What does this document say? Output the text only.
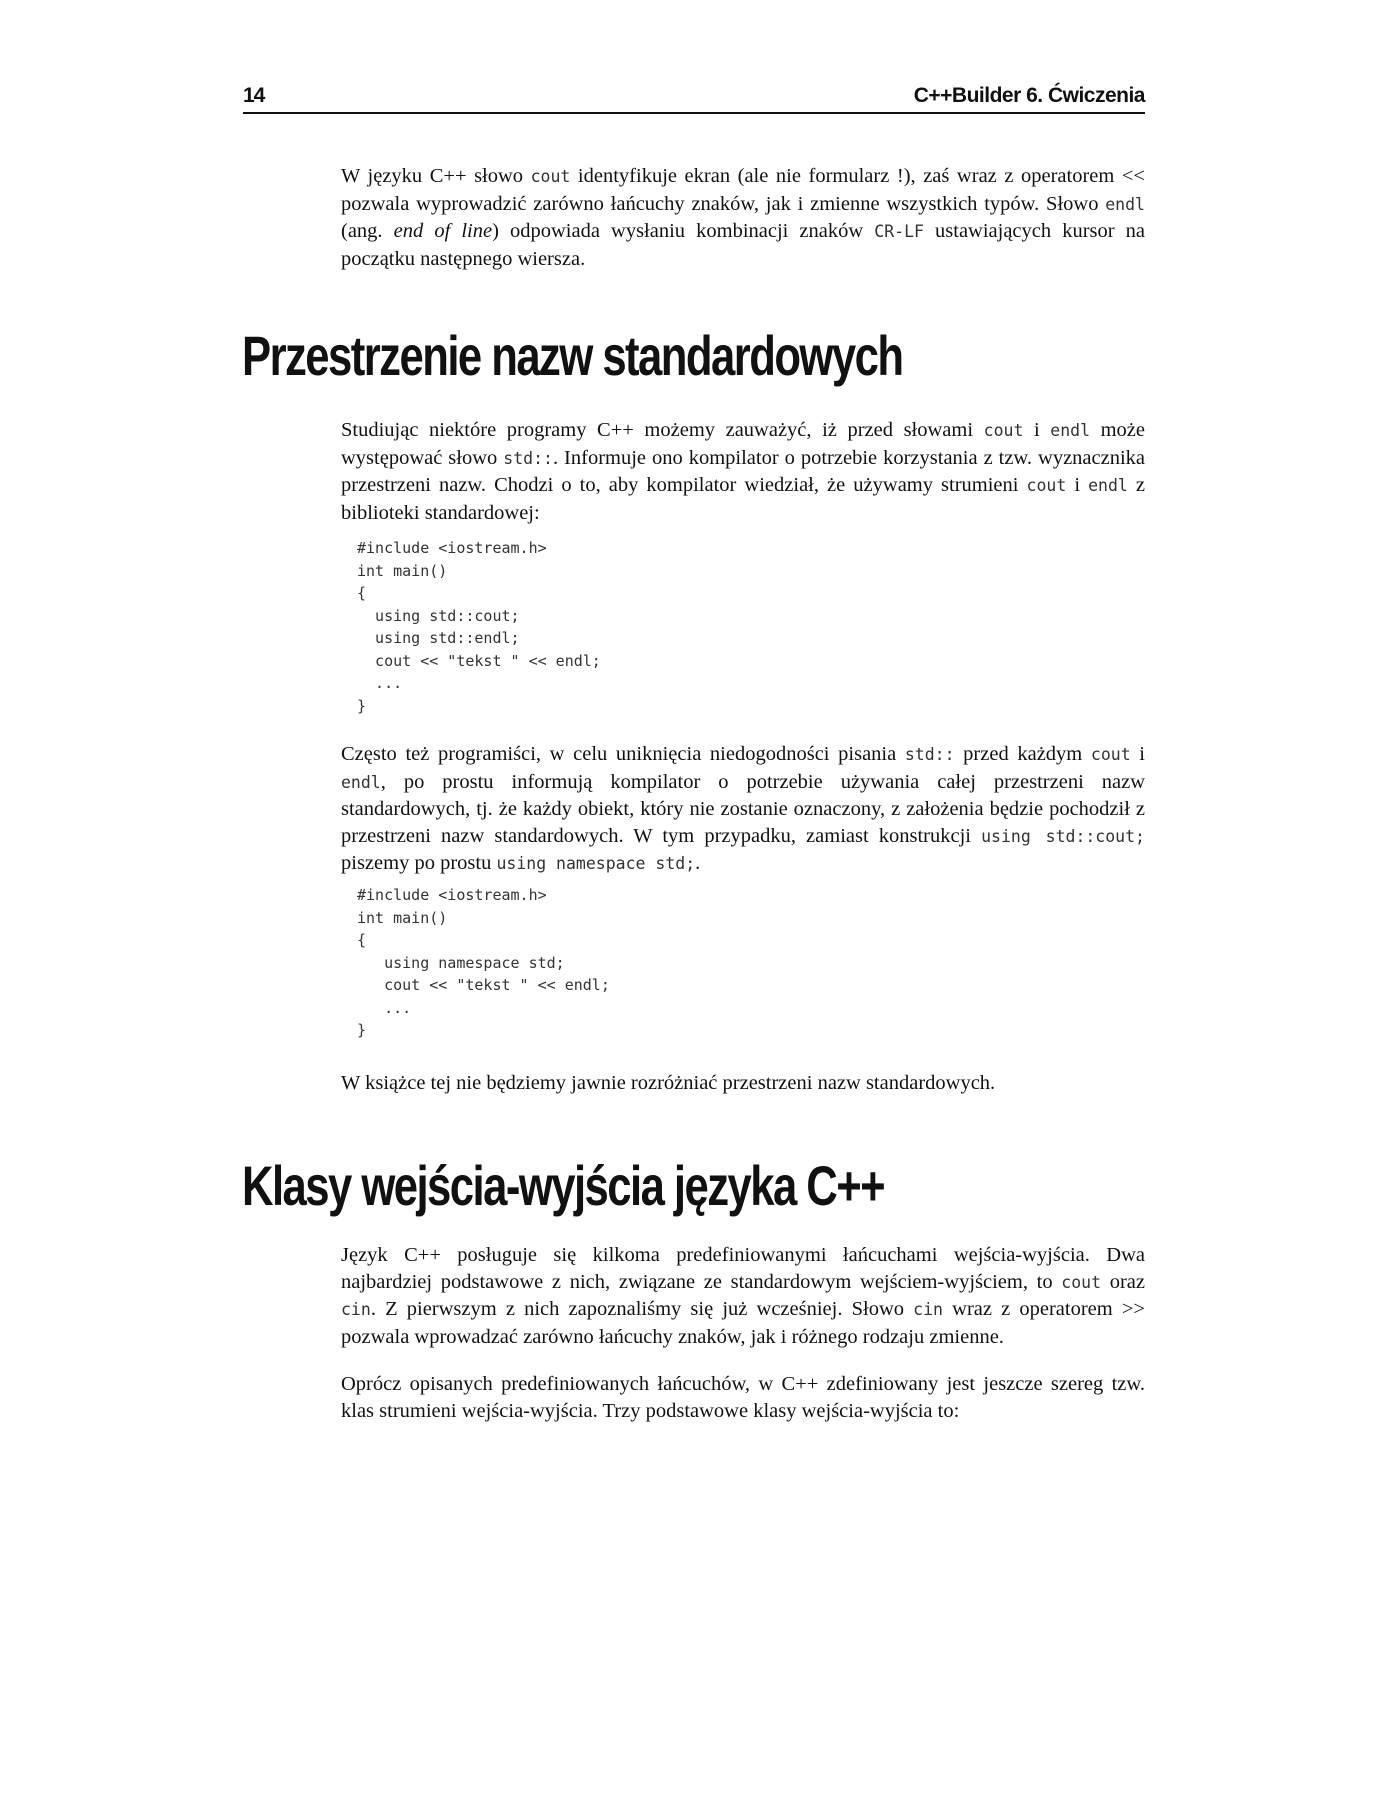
14	C++Builder 6. Ćwiczenia

W języku C++ słowo cout identyfikuje ekran (ale nie formularz !), zaś wraz z operatorem << pozwala wyprowadzić zarówno łańcuchy znaków, jak i zmienne wszystkich typów. Słowo endl (ang. end of line) odpowiada wysłaniu kombinacji znaków CR-LF ustawiających kursor na początku następnego wiersza.

Przestrzenie nazw standardowych

Studiując niektóre programy C++ możemy zauważyć, iż przed słowami cout i endl może występować słowo std::. Informuje ono kompilator o potrzebie korzystania z tzw. wyznacznika przestrzeni nazw. Chodzi o to, aby kompilator wiedział, że używamy strumieni cout i endl z biblioteki standardowej:

#include <iostream.h>
int main()
{
using std::cout;
using std::endl;
cout << "tekst " << endl;
...
}

Często też programiści, w celu uniknięcia niedogodności pisania std:: przed każdym cout i endl, po prostu informują kompilator o potrzebie używania całej przestrzeni nazw standardowych, tj. że każdy obiekt, który nie zostanie oznaczony, z założenia będzie pochodził z przestrzeni nazw standardowych. W tym przypadku, zamiast konstrukcji using std::cout; piszemy po prostu using namespace std;.

#include <iostream.h>
int main()
{
using namespace std;
cout << "tekst " << endl;
...
}

W książce tej nie będziemy jawnie rozróżniać przestrzeni nazw standardowych.

Klasy wejścia-wyjścia języka C++

Język C++ posługuje się kilkoma predefiniowanymi łańcuchami wejścia-wyjścia. Dwa najbardziej podstawowe z nich, związane ze standardowym wejściem-wyjściem, to cout oraz cin. Z pierwszym z nich zapoznaliśmy się już wcześniej. Słowo cin wraz z operatorem >> pozwala wprowadzać zarówno łańcuchy znaków, jak i różnego rodzaju zmienne.

Oprócz opisanych predefiniowanych łańcuchów, w C++ zdefiniowany jest jeszcze szereg tzw. klas strumieni wejścia-wyjścia. Trzy podstawowe klasy wejścia-wyjścia to:
